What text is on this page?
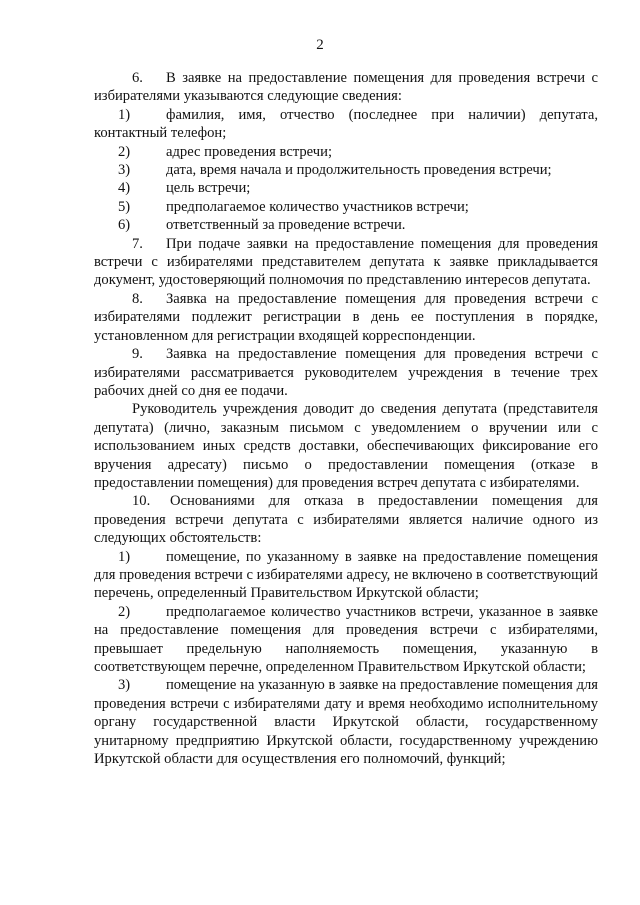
2

6. В заявке на предоставление помещения для проведения встречи с избирателями указываются следующие сведения:

1) фамилия, имя, отчество (последнее при наличии) депутата, контактный телефон;

2) адрес проведения встречи;

3) дата, время начала и продолжительность проведения встречи;

4) цель встречи;

5) предполагаемое количество участников встречи;

6) ответственный за проведение встречи.

7. При подаче заявки на предоставление помещения для проведения встречи с избирателями представителем депутата к заявке прикладывается документ, удостоверяющий полномочия по представлению интересов депутата.

8. Заявка на предоставление помещения для проведения встречи с избирателями подлежит регистрации в день ее поступления в порядке, установленном для регистрации входящей корреспонденции.

9. Заявка на предоставление помещения для проведения встречи с избирателями рассматривается руководителем учреждения в течение трех рабочих дней со дня ее подачи.

Руководитель учреждения доводит до сведения депутата (представителя депутата) (лично, заказным письмом с уведомлением о вручении или с использованием иных средств доставки, обеспечивающих фиксирование его вручения адресату) письмо о предоставлении помещения (отказе в предоставлении помещения) для проведения встреч депутата с избирателями.

10. Основаниями для отказа в предоставлении помещения для проведения встречи депутата с избирателями является наличие одного из следующих обстоятельств:

1) помещение, по указанному в заявке на предоставление помещения для проведения встречи с избирателями адресу, не включено в соответствующий перечень, определенный Правительством Иркутской области;

2) предполагаемое количество участников встречи, указанное в заявке на предоставление помещения для проведения встречи с избирателями, превышает предельную наполняемость помещения, указанную в соответствующем перечне, определенном Правительством Иркутской области;

3) помещение на указанную в заявке на предоставление помещения для проведения встречи с избирателями дату и время необходимо исполнительному органу государственной власти Иркутской области, государственному унитарному предприятию Иркутской области, государственному учреждению Иркутской области для осуществления его полномочий, функций;
